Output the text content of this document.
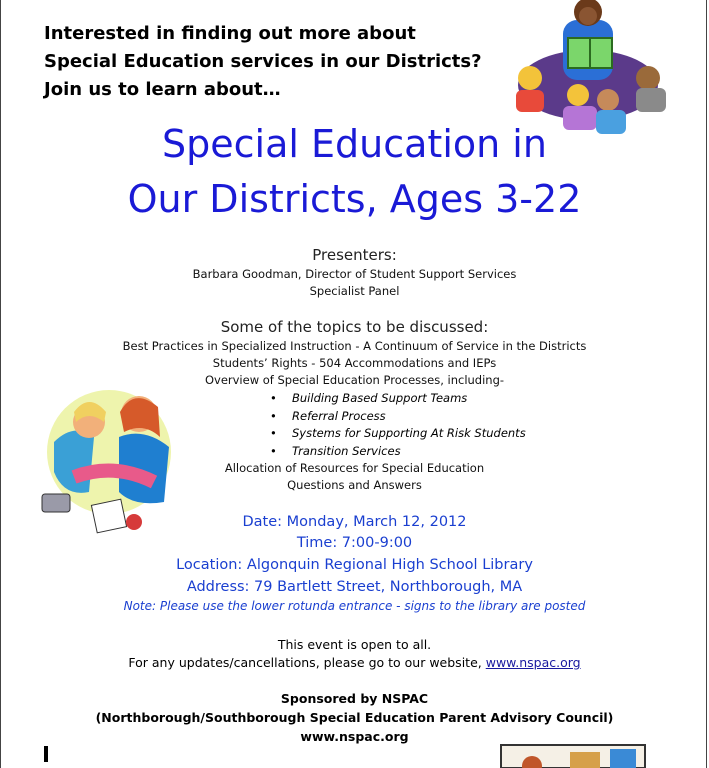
Interested in finding out more about
Special Education services in our Districts?
Join us to learn about…
Special Education in
Our Districts, Ages 3-22
Presenters:
Barbara Goodman, Director of Student Support Services
Specialist Panel
Some of the topics to be discussed:
Best Practices in Specialized Instruction - A Continuum of Service in the Districts
Students’ Rights - 504 Accommodations and IEPs
Overview of Special Education Processes, including-
• Building Based Support Teams
• Referral Process
• Systems for Supporting At Risk Students
• Transition Services
Allocation of Resources for Special Education
Questions and Answers
Date: Monday, March 12, 2012
Time: 7:00-9:00
Location: Algonquin Regional High School Library
Address: 79 Bartlett Street, Northborough, MA
Note: Please use the lower rotunda entrance - signs to the library are posted
This event is open to all.
For any updates/cancellations, please go to our website, www.nspac.org
Sponsored by NSPAC
(Northborough/Southborough Special Education Parent Advisory Council)
www.nspac.org
